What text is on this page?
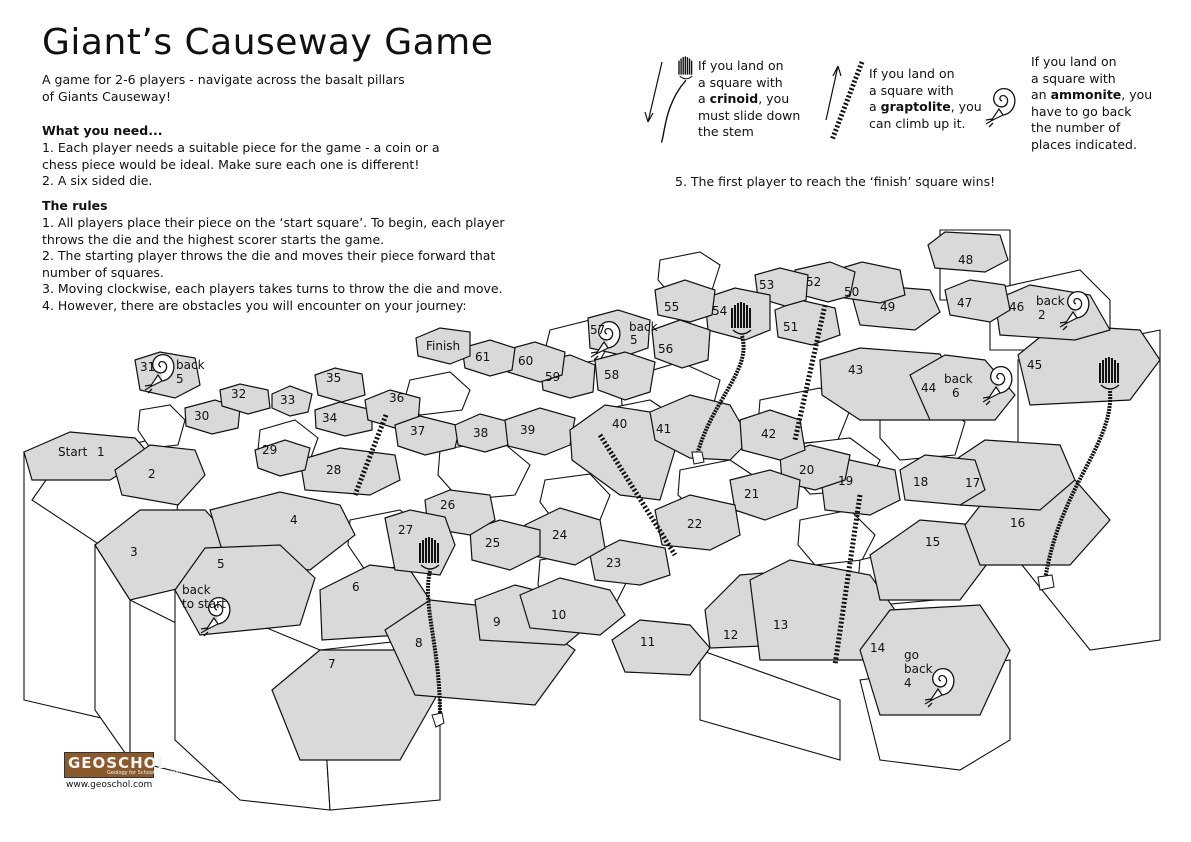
Giant’s Causeway Game
A game for 2-6 players - navigate across the basalt pillars
of Giants Causeway!
What you need...
1. Each player needs a suitable piece for the game - a coin or a
chess piece would be ideal. Make sure each one is different!
2. A six sided die.
The rules
1. All players place their piece on the ‘start square’. To begin, each player
throws the die and the highest scorer starts the game.
2. The starting player throws the die and moves their piece forward that
number of squares.
3. Moving clockwise, each players takes turns to throw the die and move.
4. However, there are obstacles you will encounter on your journey:
5. The first player to reach the ‘finish’ square wins!
If you land on
a square with
a crinoid, you
must slide down
the stem
If you land on
a square with
a graptolite, you
can climb up it.
If you land on
a square with
an ammonite, you
have to go back
the number of
places indicated.
1
Start
2
3
4
5
back
to start
6
7
8
9	10
11	12
13
14 go
back
4
15
16
17
18
19
20
21
22
23
24
25
26
27
28
29
30
31 back
5
32	33
34
35
36
37	38	39	40 41	42
43
44
back
6
45
46 back
2
47
48
49
50
51
52
53
54
55
56
57 back
5
58
59
60
61
Finish
GEOSCHOL
Geology for Schools in Ireland
www.geoschol.com
